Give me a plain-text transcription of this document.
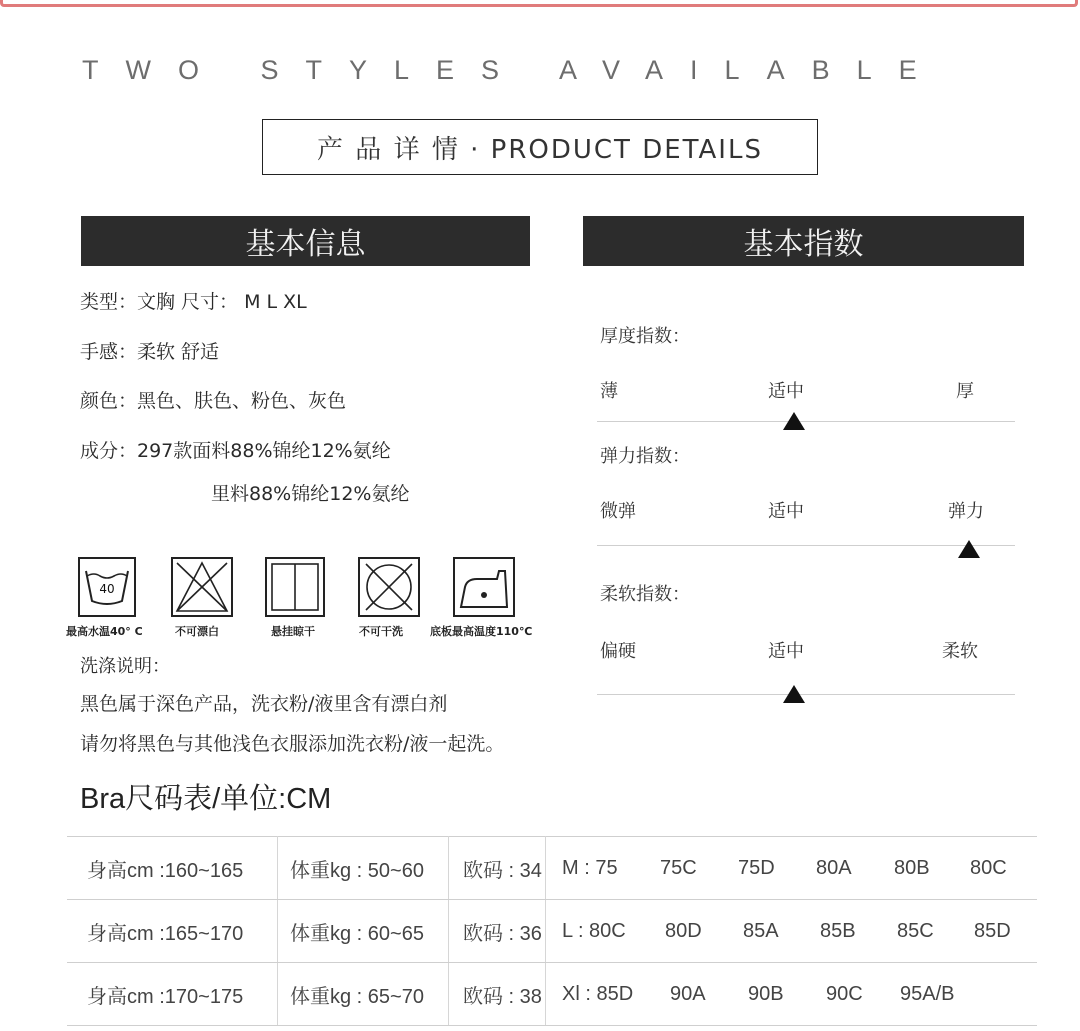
TWO STYLES AVAILABLE
产 品 详 情 · PRODUCT DETAILS
基本信息	基本指数
类型：文胸 尺寸： M L XL
手感：柔软 舒适
颜色：黑色、肤色、粉色、灰色
成分：297款面料88%锦纶12%氨纶
里料88%锦纶12%氨纶
40
最高水温40° C	不可漂白	悬挂晾干	不可干洗 底板最高温度110℃
洗涤说明：
黑色属于深色产品，洗衣粉/液里含有漂白剂
请勿将黑色与其他浅色衣服添加洗衣粉/液一起洗。
厚度指数：
薄	适中	厚
弹力指数：
微弹	适中	弹力
柔软指数：
偏硬	适中	柔软
Bra尺码表/单位:CM
身高cm :160~165	体重kg : 50~60	欧码 : 34	M : 75 75C 75D 80A 80B 80C
身高cm :165~170	体重kg : 60~65	欧码 : 36	L : 80C 80D 85A 85B 85C 85D
身高cm :170~175	体重kg : 65~70	欧码 : 38	Xl : 85D 90A 90B 90C 95A/B
